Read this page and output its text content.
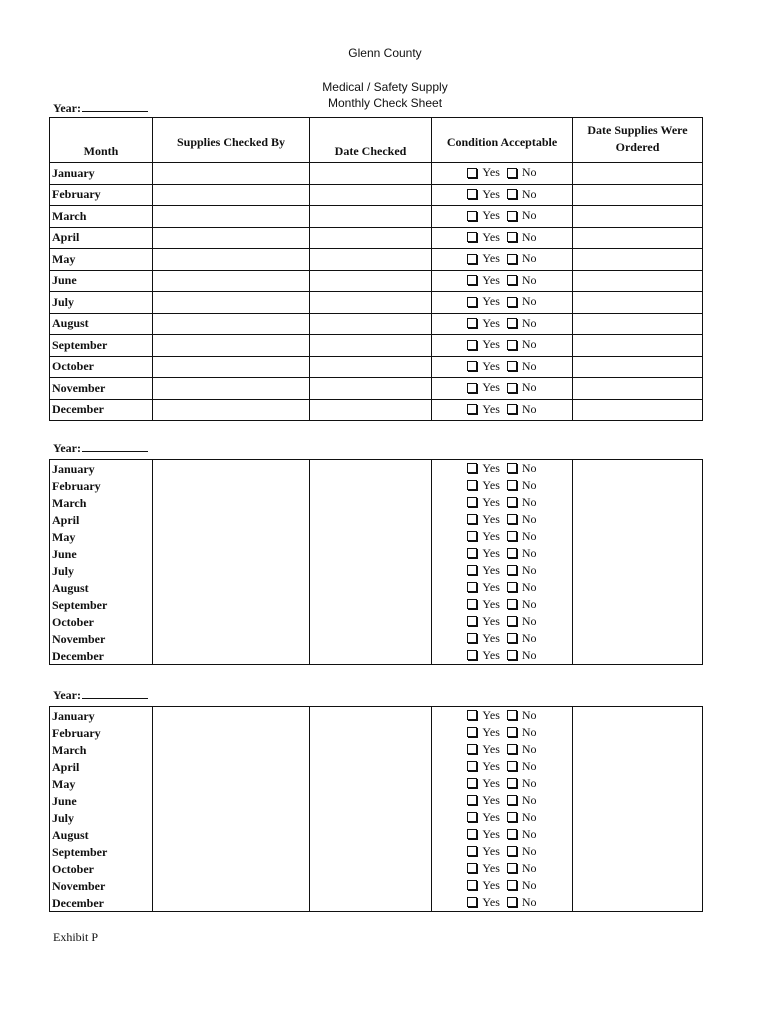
Glenn County
Medical / Safety Supply
Monthly Check Sheet
Year:
Month	Supplies Checked By	Date Checked	Condition Acceptable	Date Supplies Were Ordered
January			Yes No	

February			Yes No	

March			Yes No	

April			Yes No	

May			Yes No	

June			Yes No	

July			Yes No	

August			Yes No	

September			Yes No	

October			Yes No	

November			Yes No	

December			Yes No	

Year:
January			Yes No	

February			Yes No	

March			Yes No	

April			Yes No	

May			Yes No	

June			Yes No	

July			Yes No	

August			Yes No	

September			Yes No	

October			Yes No	

November			Yes No	

December			Yes No	

Year:
January			Yes No	

February			Yes No	

March			Yes No	

April			Yes No	

May			Yes No	

June			Yes No	

July			Yes No	

August			Yes No	

September			Yes No	

October			Yes No	

November			Yes No	

December			Yes No	

Exhibit P
